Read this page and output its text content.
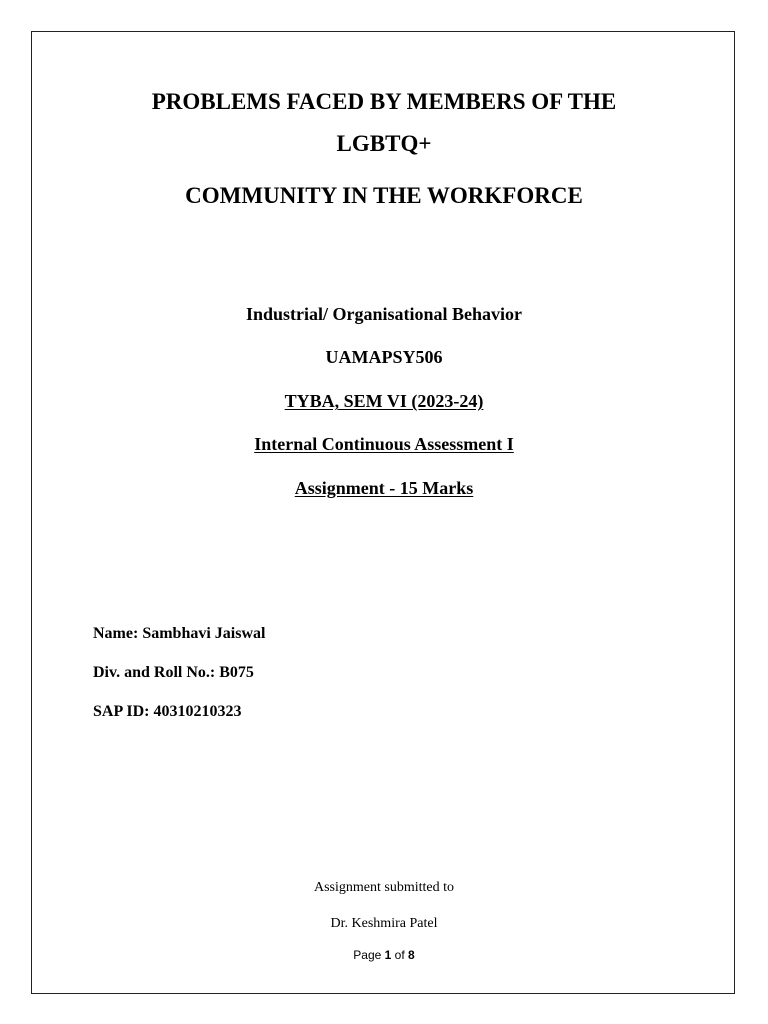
PROBLEMS FACED BY MEMBERS OF THE
LGBTQ+
COMMUNITY IN THE WORKFORCE
Industrial/ Organisational Behavior
UAMAPSY506
TYBA, SEM VI (2023-24)
Internal Continuous Assessment I
Assignment - 15 Marks
Name: Sambhavi Jaiswal
Div. and Roll No.: B075
SAP ID: 40310210323
Assignment submitted to
Dr. Keshmira Patel
Page 1 of 8
